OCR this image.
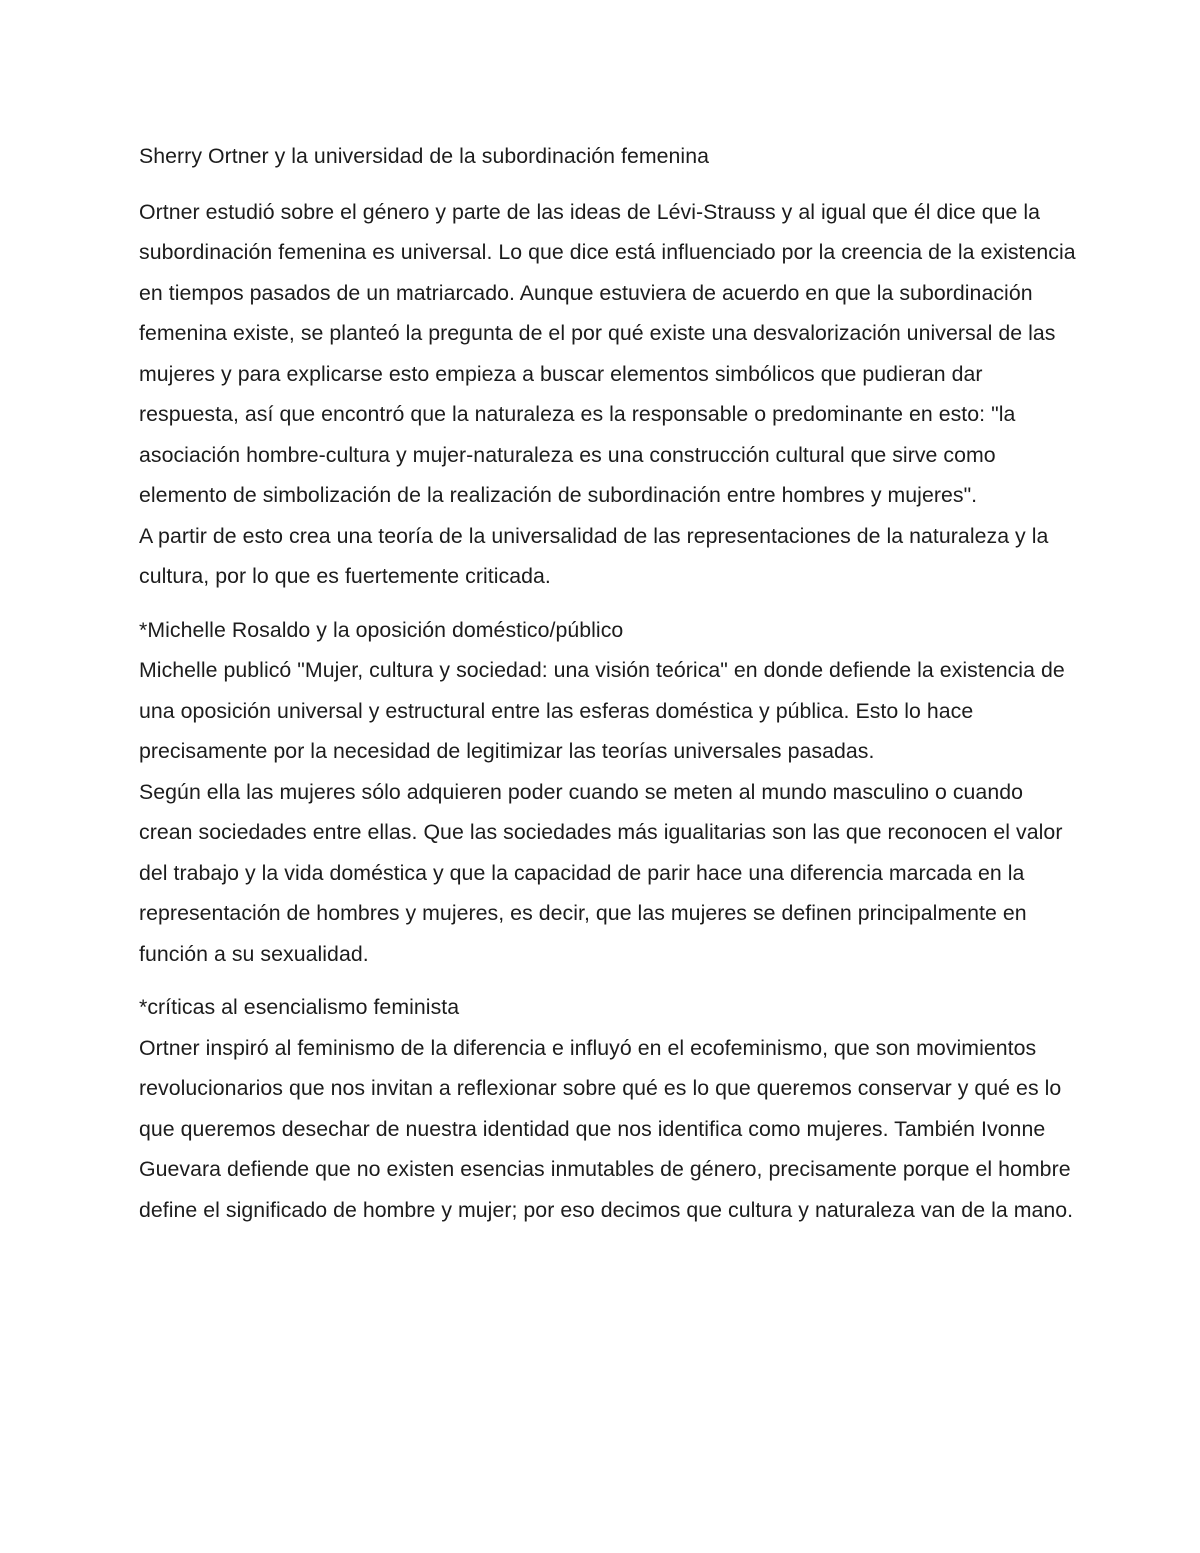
Sherry Ortner y la universidad de la subordinación femenina

Ortner estudió sobre el género y parte de las ideas de Lévi-Strauss y al igual que él dice que la subordinación femenina es universal. Lo que dice está influenciado por la creencia de la existencia en tiempos pasados de un matriarcado. Aunque estuviera de acuerdo en que la subordinación femenina existe, se planteó la pregunta de el por qué existe una desvalorización universal de las mujeres y para explicarse esto empieza a buscar elementos simbólicos que pudieran dar respuesta, así que encontró que la naturaleza es la responsable o predominante en esto: "la asociación hombre-cultura y mujer-naturaleza es una construcción cultural que sirve como elemento de simbolización de la realización de subordinación entre hombres y mujeres".

A partir de esto crea una teoría de la universalidad de las representaciones de la naturaleza y la cultura, por lo que es fuertemente criticada.

*Michelle Rosaldo y la oposición doméstico/público

Michelle publicó "Mujer, cultura y sociedad: una visión teórica" en donde defiende la existencia de una oposición universal y estructural entre las esferas doméstica y pública. Esto lo hace precisamente por la necesidad de legitimizar las teorías universales pasadas.

Según ella las mujeres sólo adquieren poder cuando se meten al mundo masculino o cuando crean sociedades entre ellas. Que las sociedades más igualitarias son las que reconocen el valor del trabajo y la vida doméstica y que la capacidad de parir hace una diferencia marcada en la representación de hombres y mujeres, es decir, que las mujeres se definen principalmente en función a su sexualidad.

*críticas al esencialismo feminista

Ortner inspiró al feminismo de la diferencia e influyó en el ecofeminismo, que son movimientos revolucionarios que nos invitan a reflexionar sobre qué es lo que queremos conservar y qué es lo que queremos desechar de nuestra identidad que nos identifica como mujeres. También Ivonne Guevara defiende que no existen esencias inmutables de género, precisamente porque el hombre define el significado de hombre y mujer; por eso decimos que cultura y naturaleza van de la mano.
